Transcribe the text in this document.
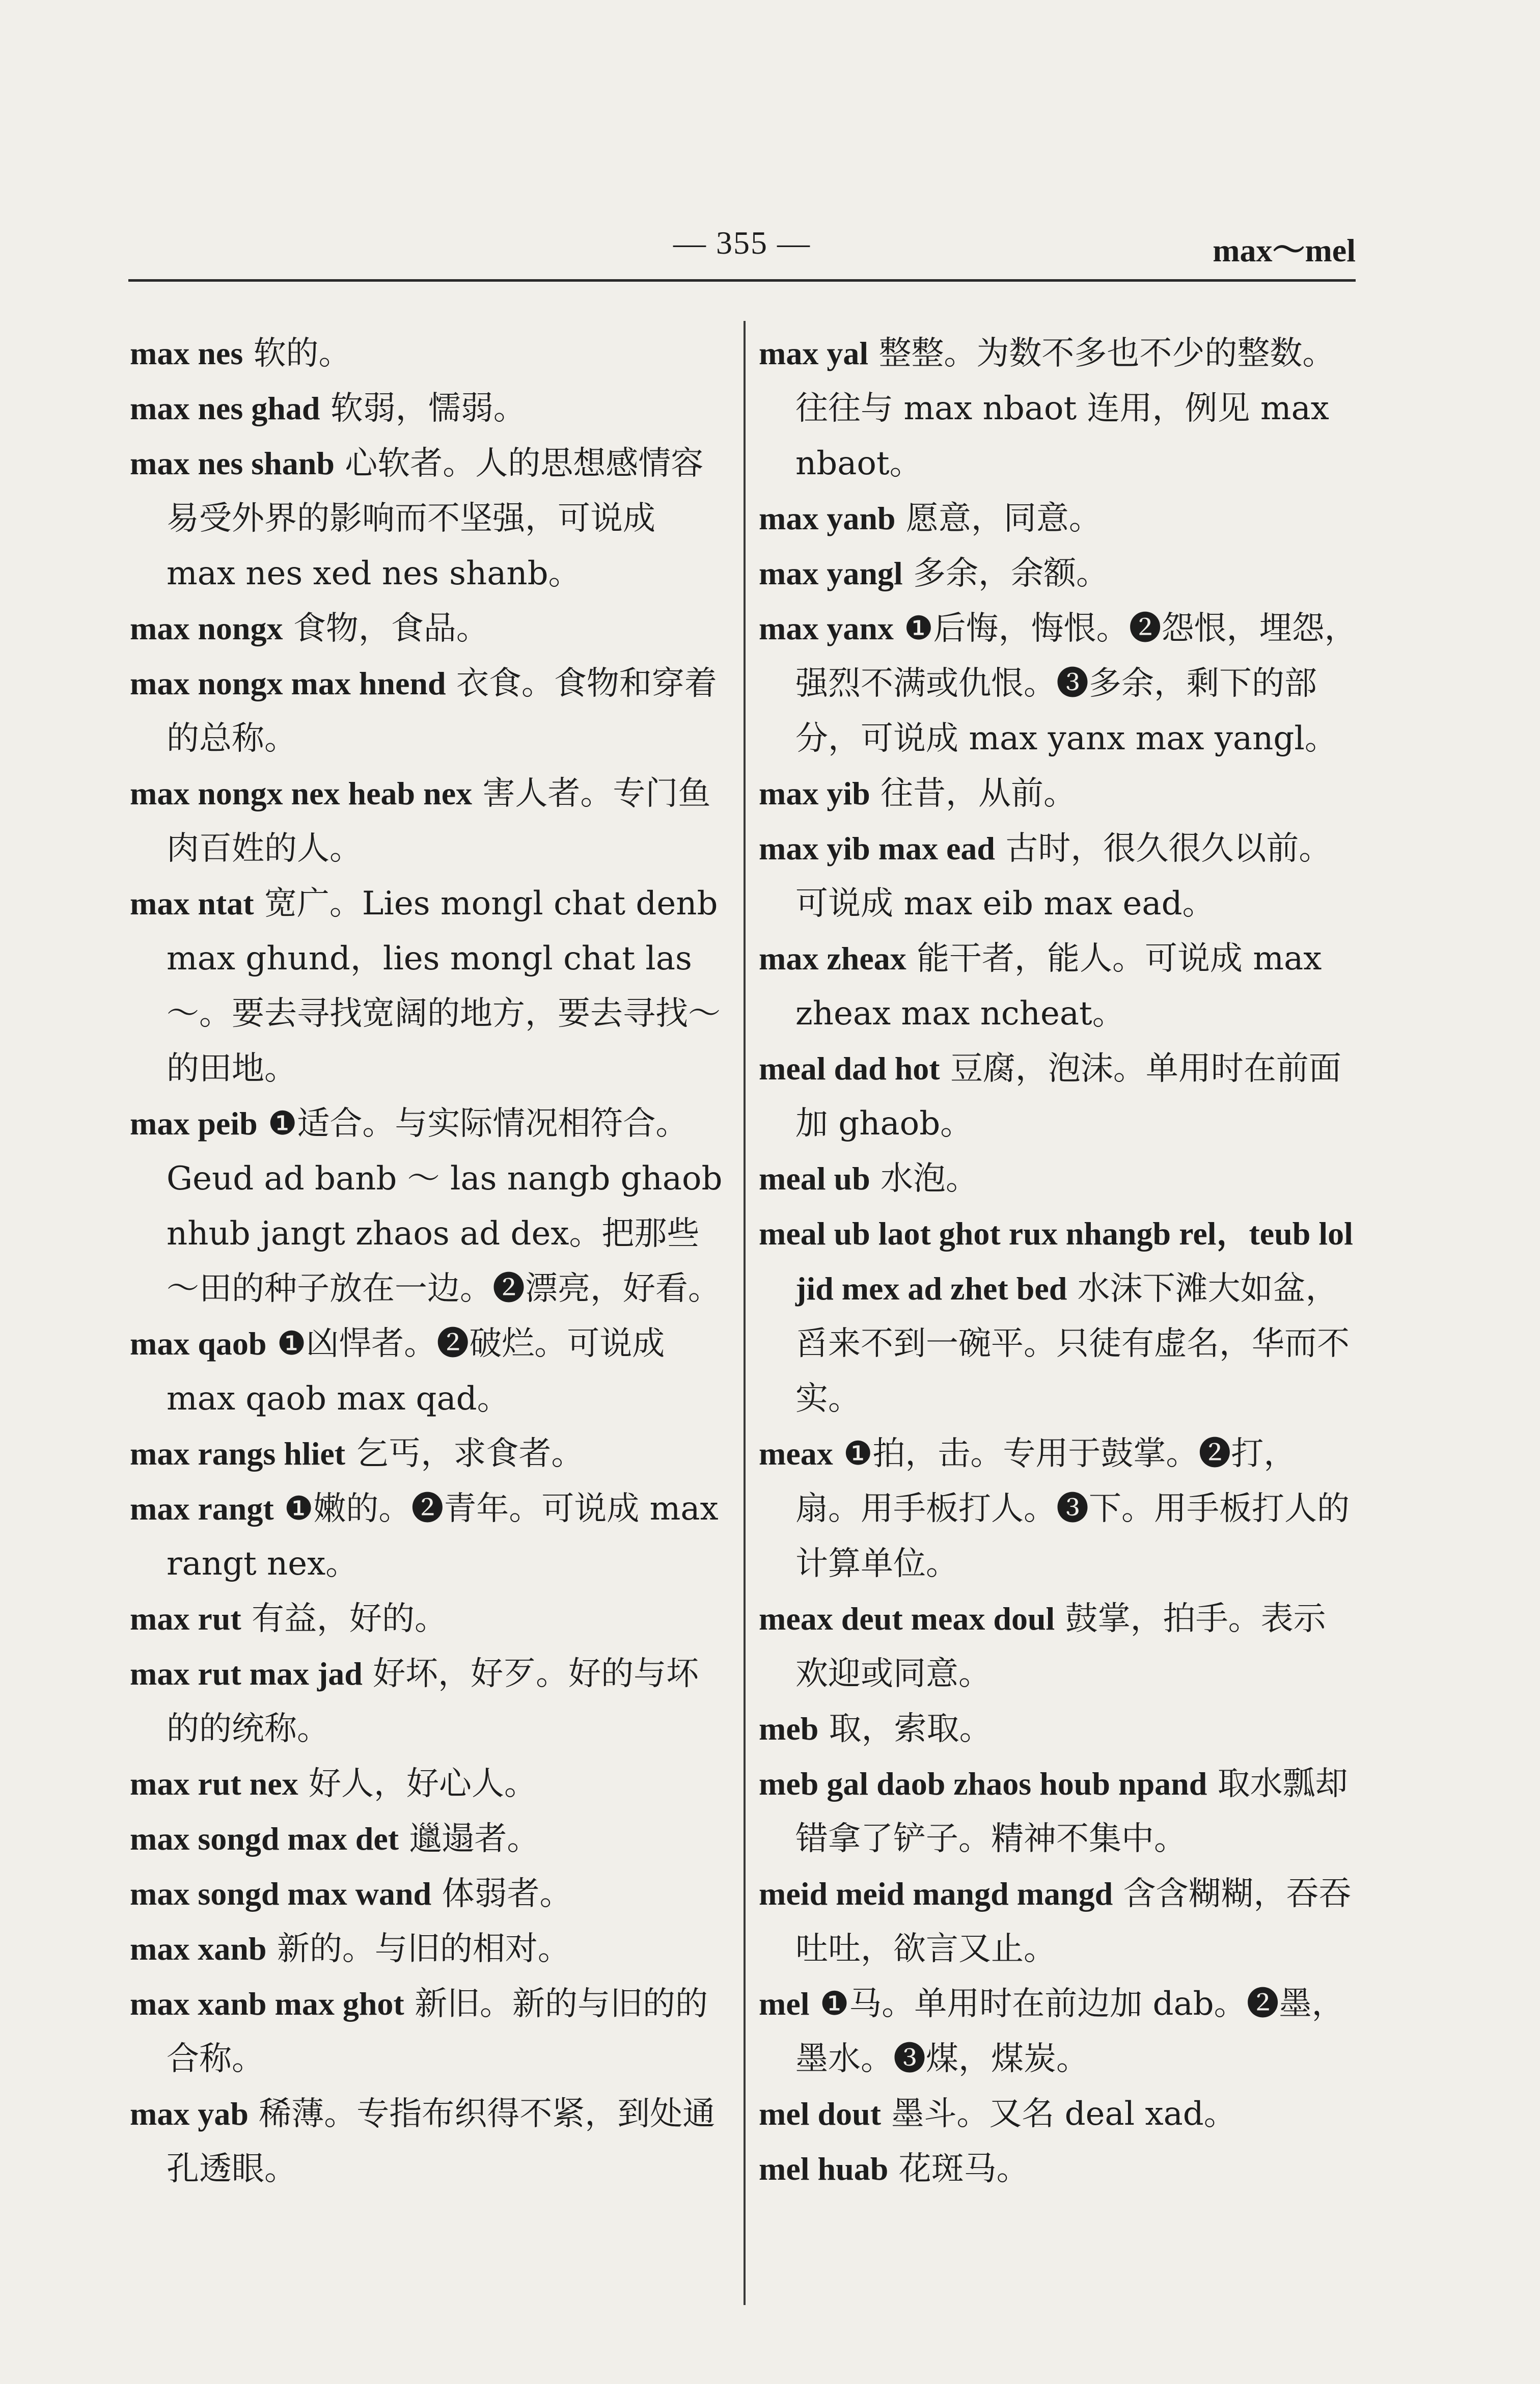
— 355 —	max～mel

max nes 软的。

max nes ghad 软弱，懦弱。

max nes shanb 心软者。人的思想感情容易受外界的影响而不坚强，可说成 max nes xed nes shanb。

max nongx 食物，食品。

max nongx max hnend 衣食。食物和穿着的总称。

max nongx nex heab nex 害人者。专门鱼肉百姓的人。

max ntat 宽广。Lies mongl chat denb max ghund，lies mongl chat las ～。要去寻找宽阔的地方，要去寻找～的田地。

max peib ❶适合。与实际情况相符合。Geud ad banb ～ las nangb ghaob nhub jangt zhaos ad dex。把那些～田的种子放在一边。❷漂亮，好看。

max qaob ❶凶悍者。❷破烂。可说成 max qaob max qad。

max rangs hliet 乞丐，求食者。

max rangt ❶嫩的。❷青年。可说成 max rangt nex。

max rut 有益，好的。

max rut max jad 好坏，好歹。好的与坏的的统称。

max rut nex 好人，好心人。

max songd max det 邋遢者。

max songd max wand 体弱者。

max xanb 新的。与旧的相对。

max xanb max ghot 新旧。新的与旧的的合称。

max yab 稀薄。专指布织得不紧，到处通孔透眼。

max yal 整整。为数不多也不少的整数。往往与 max nbaot 连用，例见 max nbaot。

max yanb 愿意，同意。

max yangl 多余，余额。

max yanx ❶后悔，悔恨。❷怨恨，埋怨，强烈不满或仇恨。❸多余，剩下的部分，可说成 max yanx max yangl。

max yib 往昔，从前。

max yib max ead 古时，很久很久以前。可说成 max eib max ead。

max zheax 能干者，能人。可说成 max zheax max ncheat。

meal dad hot 豆腐，泡沫。单用时在前面加 ghaob。

meal ub 水泡。

meal ub laot ghot rux nhangb rel，teub lol jid mex ad zhet bed 水沫下滩大如盆，舀来不到一碗平。只徒有虚名，华而不实。

meax ❶拍，击。专用于鼓掌。❷打，扇。用手板打人。❸下。用手板打人的计算单位。

meax deut meax doul 鼓掌，拍手。表示欢迎或同意。

meb 取，索取。

meb gal daob zhaos houb npand 取水瓢却错拿了铲子。精神不集中。

meid meid mangd mangd 含含糊糊，吞吞吐吐，欲言又止。

mel ❶马。单用时在前边加 dab。❷墨，墨水。❸煤，煤炭。

mel dout 墨斗。又名 deal xad。

mel huab 花斑马。
